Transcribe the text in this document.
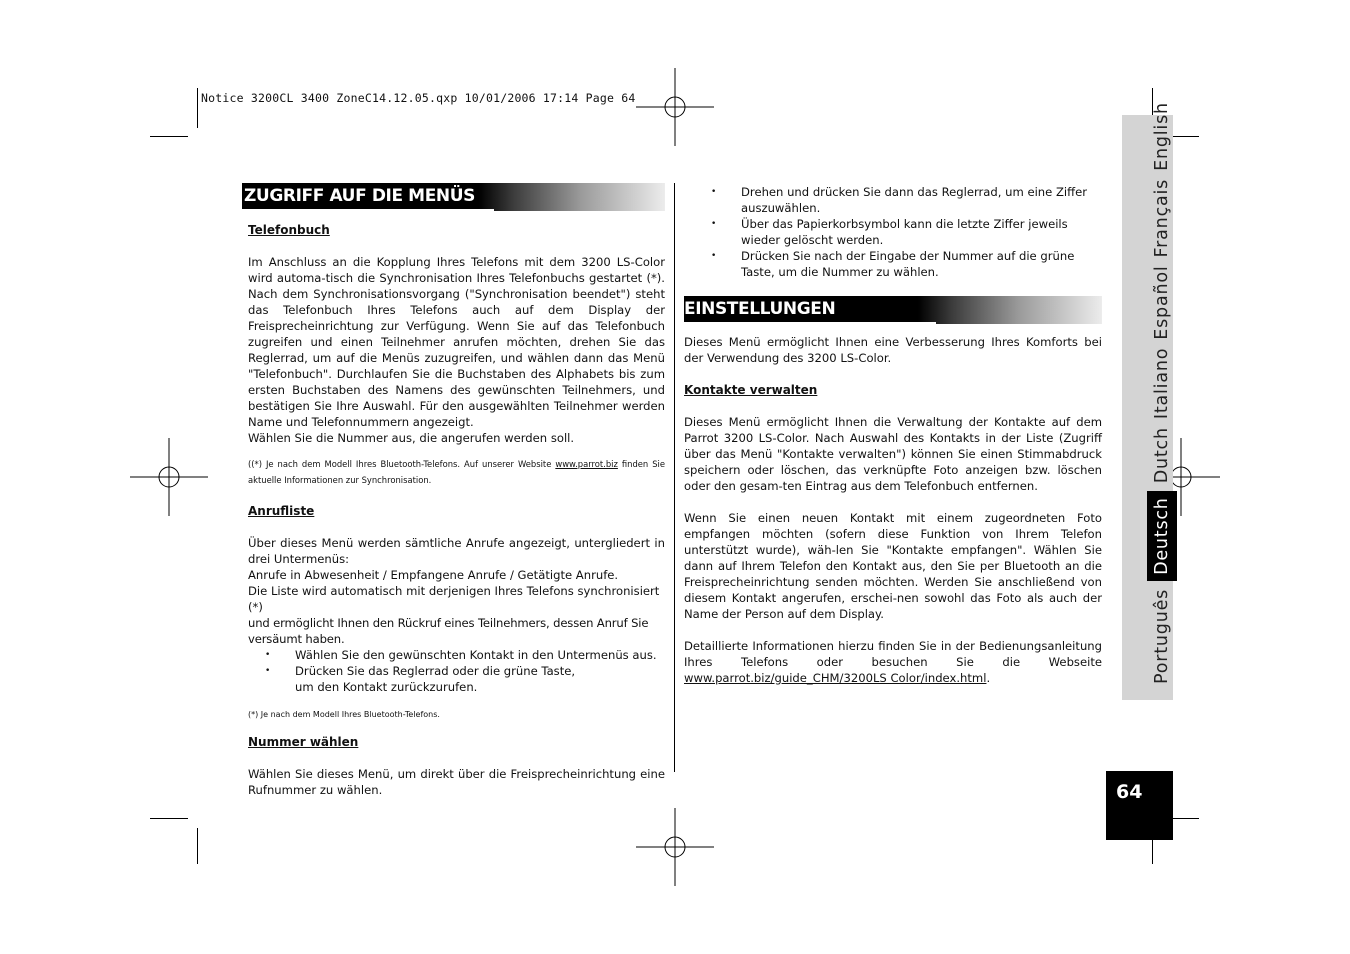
Notice 3200CL 3400 ZoneC14.12.05.qxp 10/01/2006 17:14 Page 64
ZUGRIFF AUF DIE MENÜS

Telefonbuch

Im Anschluss an die Kopplung Ihres Telefons mit dem 3200 LS-Color wird automa-tisch die Synchronisation Ihres Telefonbuchs gestartet (*). Nach dem Synchronisationsvorgang ("Synchronisation beendet") steht das Telefonbuch Ihres Telefons auch auf dem Display der Freisprecheinrichtung zur Verfügung. Wenn Sie auf das Telefonbuch zugreifen und einen Teilnehmer anrufen möchten, drehen Sie das Reglerrad, um auf die Menüs zuzugreifen, und wählen dann das Menü "Telefonbuch". Durchlaufen Sie die Buchstaben des Alphabets bis zum ersten Buchstaben des Namens des gewünschten Teilnehmers, und bestätigen Sie Ihre Auswahl. Für den ausgewählten Teilnehmer werden Name und Telefonnummern angezeigt.

Wählen Sie die Nummer aus, die angerufen werden soll.

((*) Je nach dem Modell Ihres Bluetooth-Telefons. Auf unserer Website www.parrot.biz finden Sie aktuelle Informationen zur Synchronisation.

Anrufliste

Über dieses Menü werden sämtliche Anrufe angezeigt, untergliedert in drei Untermenüs:

Anrufe in Abwesenheit / Empfangene Anrufe / Getätigte Anrufe.

Die Liste wird automatisch mit derjenigen Ihres Telefons synchronisiert (*)

und ermöglicht Ihnen den Rückruf eines Teilnehmers, dessen Anruf Sie versäumt haben.

• Wählen Sie den gewünschten Kontakt in den Untermenüs aus.
• Drücken Sie das Reglerrad oder die grüne Taste,
um den Kontakt zurückzurufen.

(*) Je nach dem Modell Ihres Bluetooth-Telefons.

Nummer wählen

Wählen Sie dieses Menü, um direkt über die Freisprecheinrichtung eine Rufnummer zu wählen.

• Drehen und drücken Sie dann das Reglerrad, um eine Ziffer auszuwählen.
• Über das Papierkorbsymbol kann die letzte Ziffer jeweils wieder gelöscht werden.
• Drücken Sie nach der Eingabe der Nummer auf die grüne Taste, um die Nummer zu wählen.
EINSTELLUNGEN

Dieses Menü ermöglicht Ihnen eine Verbesserung Ihres Komforts bei der Verwendung des 3200 LS-Color.

Kontakte verwalten

Dieses Menü ermöglicht Ihnen die Verwaltung der Kontakte auf dem Parrot 3200 LS-Color. Nach Auswahl des Kontakts in der Liste (Zugriff über das Menü "Kontakte verwalten") können Sie einen Stimmabdruck speichern oder löschen, das verknüpfte Foto anzeigen bzw. löschen oder den gesam-ten Eintrag aus dem Telefonbuch entfernen.

Wenn Sie einen neuen Kontakt mit einem zugeordneten Foto empfangen möchten (sofern diese Funktion von Ihrem Telefon unterstützt wurde), wäh-len Sie "Kontakte empfangen". Wählen Sie dann auf Ihrem Telefon den Kontakt aus, den Sie per Bluetooth an die Freisprecheinrichtung senden möchten. Werden Sie anschließend von diesem Kontakt angerufen, erschei-nen sowohl das Foto als auch der Name der Person auf dem Display.

Detaillierte Informationen hierzu finden Sie in der Bedienungsanleitung Ihres Telefons oder besuchen Sie die Webseite

www.parrot.biz/guide_CHM/3200LS Color/index.html.	Português
Deutsch
Dutch
Italiano
Español
Français
English
64
